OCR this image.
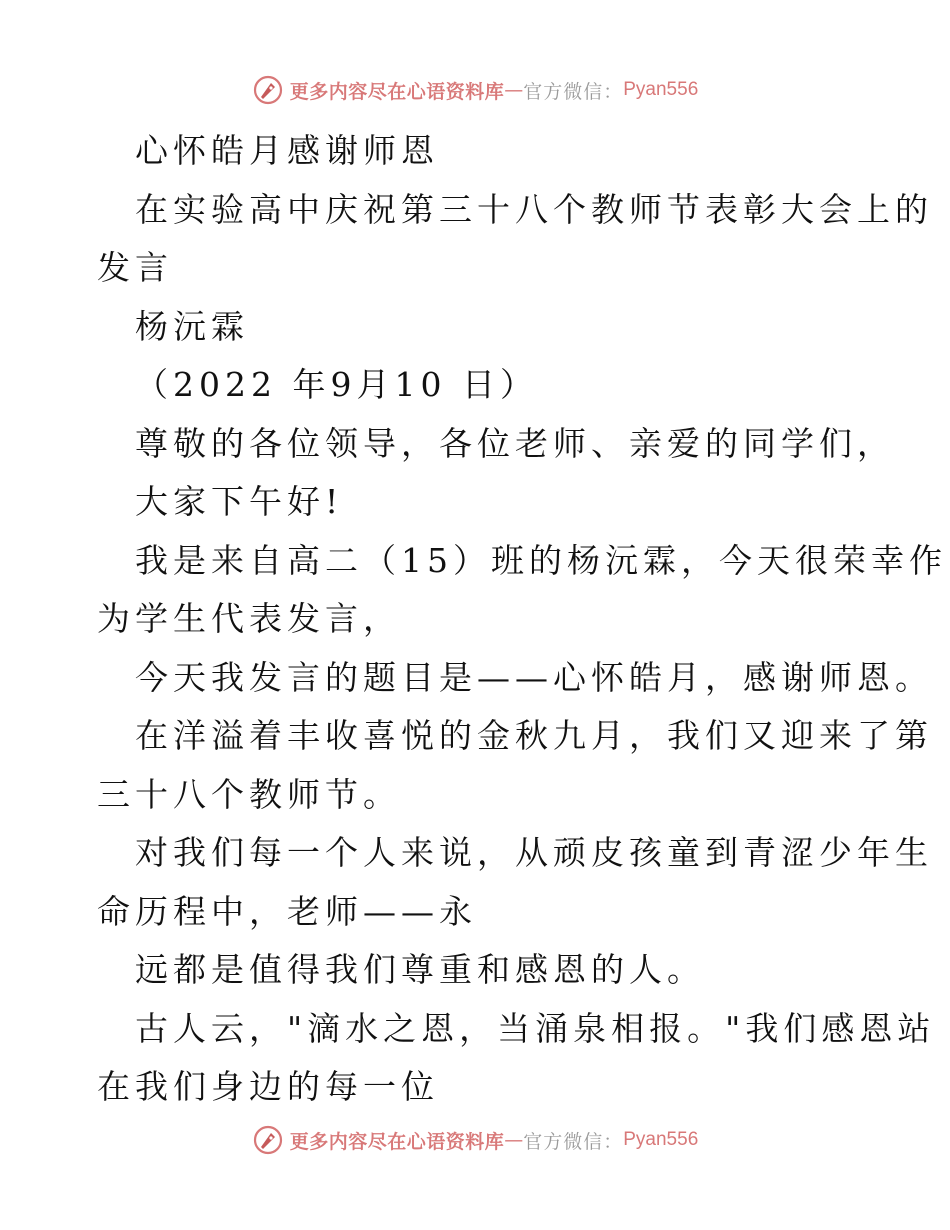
更多内容尽在心语资料库 — 官方微信： Pyan556

心怀皓月感谢师恩

在实验高中庆祝第三十八个教师节表彰大会上的

发言

杨沅霖

（2022 年9月10 日）

尊敬的各位领导，各位老师、亲爱的同学们，

大家下午好!

我是来自高二（15）班的杨沅霖，今天很荣幸作

为学生代表发言，

今天我发言的题目是——心怀皓月，感谢师恩。

在洋溢着丰收喜悦的金秋九月，我们又迎来了第

三十八个教师节。

对我们每一个人来说，从顽皮孩童到青涩少年生

命历程中，老师——永

远都是值得我们尊重和感恩的人。

古人云，"滴水之恩，当涌泉相报。"我们感恩站

在我们身边的每一位

更多内容尽在心语资料库 — 官方微信： Pyan556
